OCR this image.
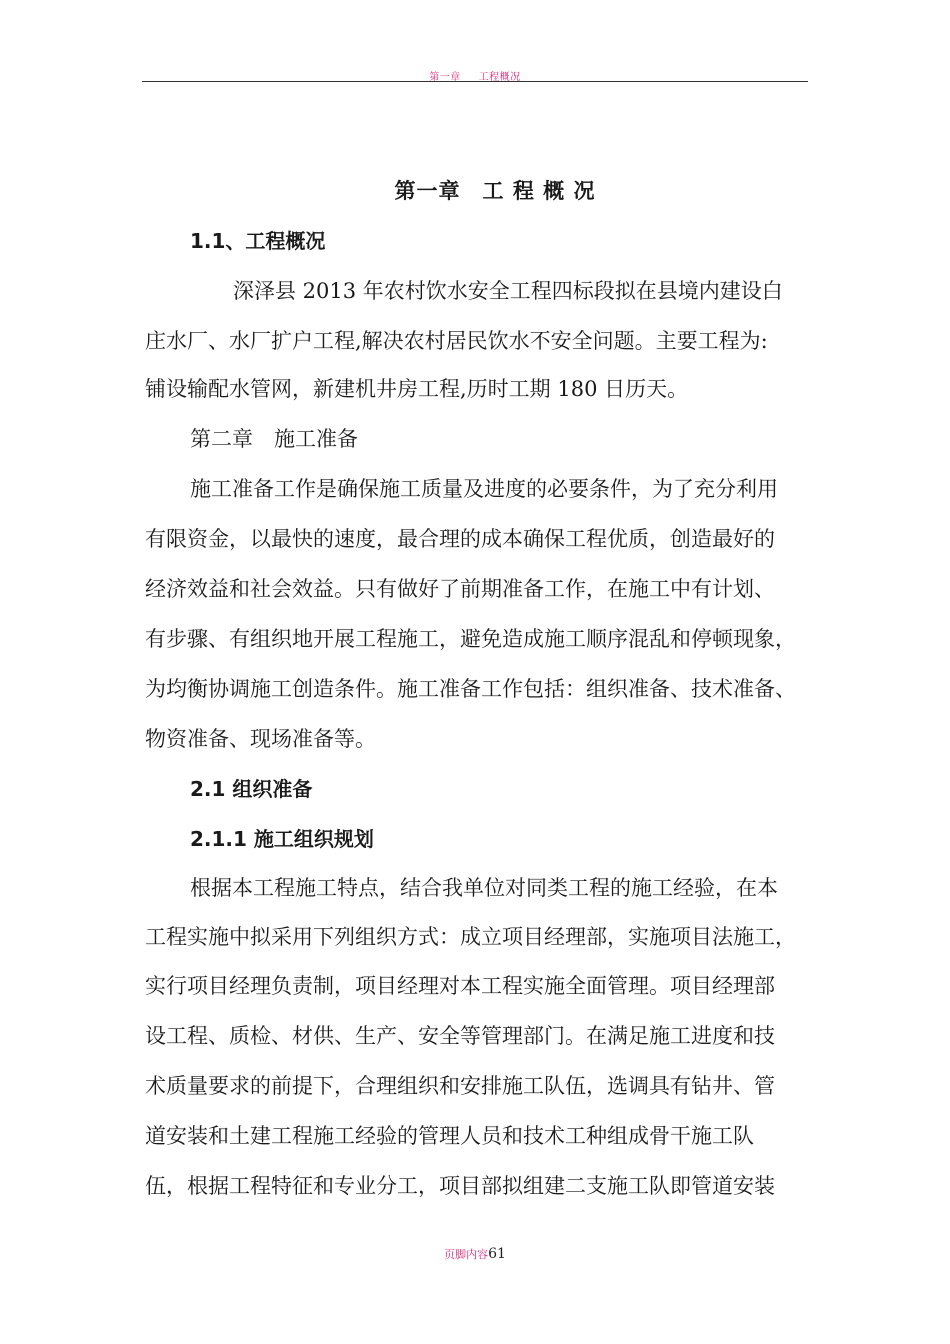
第一章 工程概况
第一章 工 程 概 况
1.1、工程概况
深泽县 2013 年农村饮水安全工程四标段拟在县境内建设白
庄水厂、水厂扩户工程,解决农村居民饮水不安全问题。主要工程为:
铺设输配水管网，新建机井房工程,历时工期 180 日历天。
第二章　施工准备
施工准备工作是确保施工质量及进度的必要条件，为了充分利用
有限资金，以最快的速度，最合理的成本确保工程优质，创造最好的
经济效益和社会效益。只有做好了前期准备工作，在施工中有计划、
有步骤、有组织地开展工程施工，避免造成施工顺序混乱和停顿现象，
为均衡协调施工创造条件。施工准备工作包括：组织准备、技术准备、
物资准备、现场准备等。
2.1 组织准备
2.1.1 施工组织规划
根据本工程施工特点，结合我单位对同类工程的施工经验，在本
工程实施中拟采用下列组织方式：成立项目经理部，实施项目法施工，
实行项目经理负责制，项目经理对本工程实施全面管理。项目经理部
设工程、质检、材供、生产、安全等管理部门。在满足施工进度和技
术质量要求的前提下，合理组织和安排施工队伍，选调具有钻井、管
道安装和土建工程施工经验的管理人员和技术工种组成骨干施工队
伍，根据工程特征和专业分工，项目部拟组建二支施工队即管道安装
页脚内容61
